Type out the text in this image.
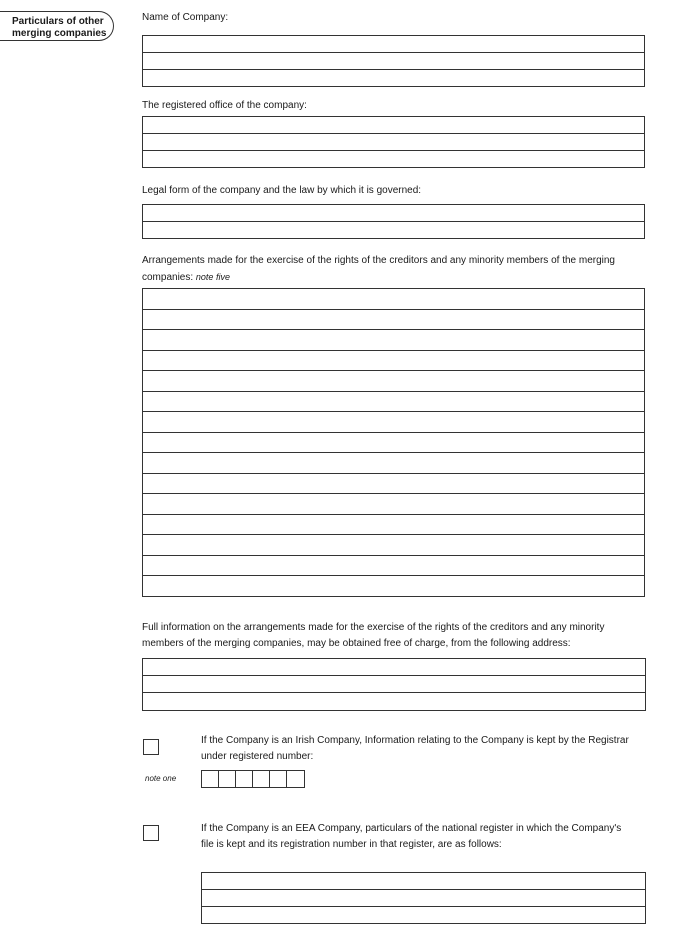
Particulars of other
merging companies
Name of Company:
The registered office of the company:
Legal form of the company and the law by which it is governed:
Arrangements made for the exercise of the rights of the creditors and any minority members of the merging companies: note five
Full information on the arrangements made for the exercise of the rights of the creditors and any minority members of the merging companies, may be obtained free of charge, from the following address:
If the Company is an Irish Company, Information relating to the Company is kept by the Registrar under registered number:
note one
If the Company is an EEA Company, particulars of the national register in which the Company's file is kept and its registration number in that register, are as follows:
